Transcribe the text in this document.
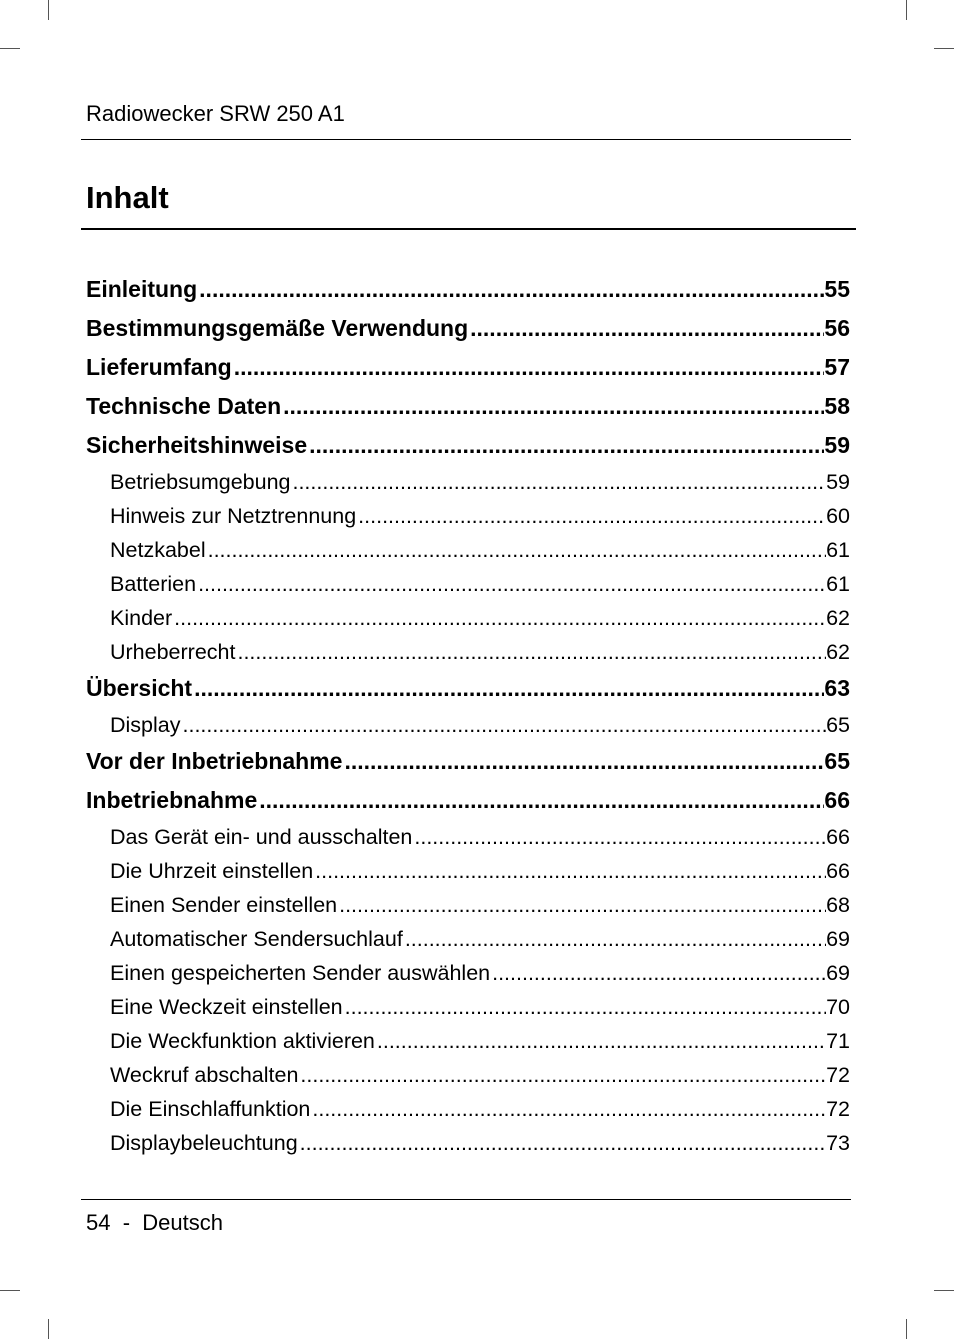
Radiowecker SRW 250 A1
Inhalt
Einleitung .....	55
Bestimmungsgemäße Verwendung .....	56
Lieferumfang .....	57
Technische Daten .....	58
Sicherheitshinweise .....	59
Betriebsumgebung .....	59
Hinweis zur Netztrennung .....	60
Netzkabel .....	61
Batterien .....	61
Kinder .....	62
Urheberrecht .....	62
Übersicht .....	63
Display .....	65
Vor der Inbetriebnahme .....	65
Inbetriebnahme .....	66
Das Gerät ein- und ausschalten .....	66
Die Uhrzeit einstellen .....	66
Einen Sender einstellen .....	68
Automatischer Sendersuchlauf .....	69
Einen gespeicherten Sender auswählen .....	69
Eine Weckzeit einstellen .....	70
Die Weckfunktion aktivieren .....	71
Weckruf abschalten .....	72
Die Einschlaffunktion .....	72
Displaybeleuchtung .....	73
54  -  Deutsch
